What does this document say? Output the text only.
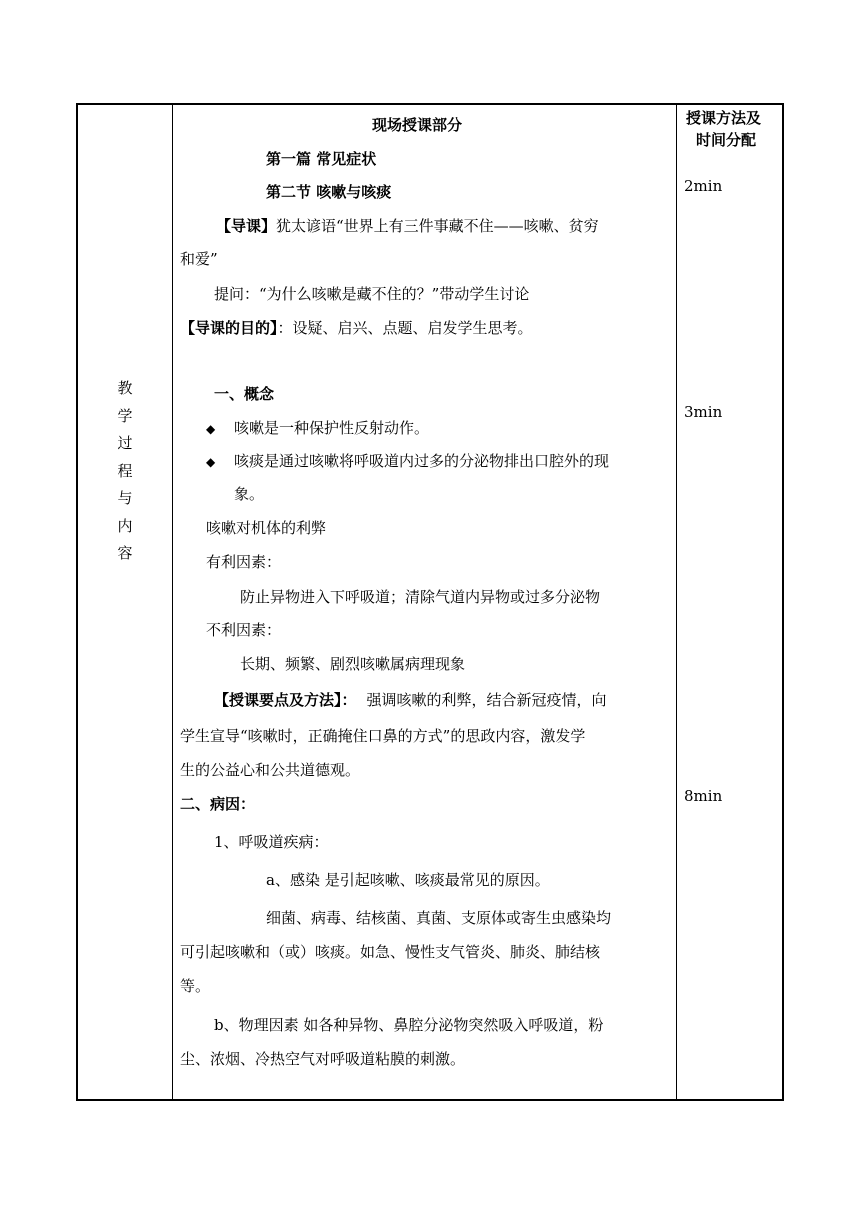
教
学
过
程
与
内
容
授课方法及
时间分配
2min
3min
8min
现场授课部分
第一篇 常见症状
第二节 咳嗽与咳痰
【导课】犹太谚语“世界上有三件事藏不住——咳嗽、贫穷
和爱”
提问：“为什么咳嗽是藏不住的？”带动学生讨论
【导课的目的】：设疑、启兴、点题、启发学生思考。
一、概念
◆ 咳嗽是一种保护性反射动作。
◆ 咳痰是通过咳嗽将呼吸道内过多的分泌物排出口腔外的现
象。
咳嗽对机体的利弊
有利因素：
防止异物进入下呼吸道；清除气道内异物或过多分泌物
不利因素：
长期、频繁、剧烈咳嗽属病理现象
【授课要点及方法】： 强调咳嗽的利弊，结合新冠疫情，向
学生宣导“咳嗽时，正确掩住口鼻的方式”的思政内容，激发学
生的公益心和公共道德观。
二、病因：
1、呼吸道疾病：
a、感染 是引起咳嗽、咳痰最常见的原因。
细菌、病毒、结核菌、真菌、支原体或寄生虫感染均
可引起咳嗽和（或）咳痰。如急、慢性支气管炎、肺炎、肺结核
等。
b、物理因素 如各种异物、鼻腔分泌物突然吸入呼吸道，粉
尘、浓烟、冷热空气对呼吸道粘膜的刺激。
